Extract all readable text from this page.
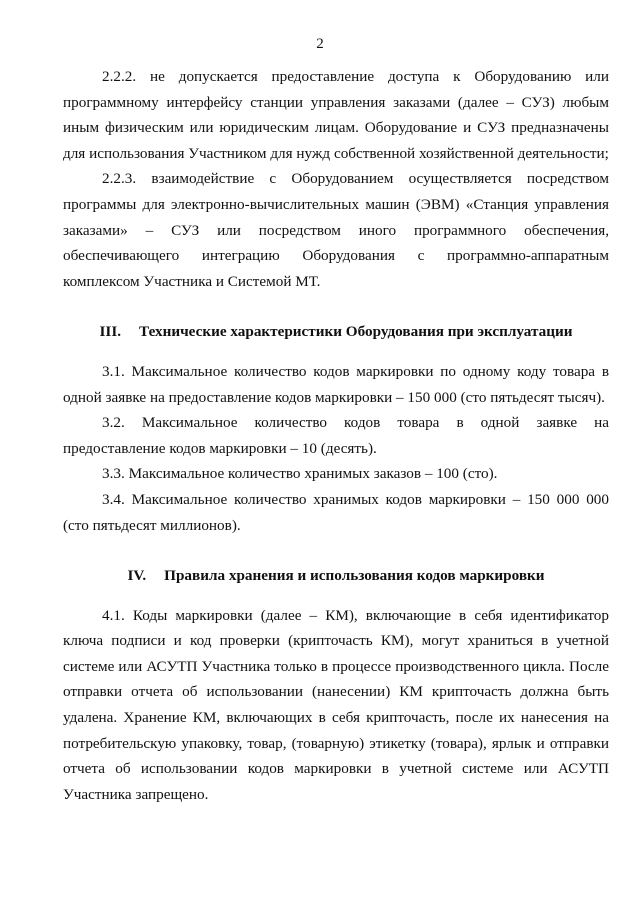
2

2.2.2. не допускается предоставление доступа к Оборудованию или программному интерфейсу станции управления заказами (далее – СУЗ) любым иным физическим или юридическим лицам. Оборудование и СУЗ предназначены для использования Участником для нужд собственной хозяйственной деятельности;

2.2.3. взаимодействие с Оборудованием осуществляется посредством программы для электронно-вычислительных машин (ЭВМ) «Станция управления заказами» – СУЗ или посредством иного программного обеспечения, обеспечивающего интеграцию Оборудования с программно-аппаратным комплексом Участника и Системой МТ.

III. Технические характеристики Оборудования при эксплуатации

3.1. Максимальное количество кодов маркировки по одному коду товара в одной заявке на предоставление кодов маркировки – 150 000 (сто пятьдесят тысяч).

3.2. Максимальное количество кодов товара в одной заявке на предоставление кодов маркировки – 10 (десять).

3.3. Максимальное количество хранимых заказов – 100 (сто).

3.4. Максимальное количество хранимых кодов маркировки – 150 000 000 (сто пятьдесят миллионов).

IV. Правила хранения и использования кодов маркировки

4.1. Коды маркировки (далее – КМ), включающие в себя идентификатор ключа подписи и код проверки (крипточасть КМ), могут храниться в учетной системе или АСУТП Участника только в процессе производственного цикла. После отправки отчета об использовании (нанесении) КМ крипточасть должна быть удалена. Хранение КМ, включающих в себя крипточасть, после их нанесения на потребительскую упаковку, товар, (товарную) этикетку (товара), ярлык и отправки отчета об использовании кодов маркировки в учетной системе или АСУТП Участника запрещено.
